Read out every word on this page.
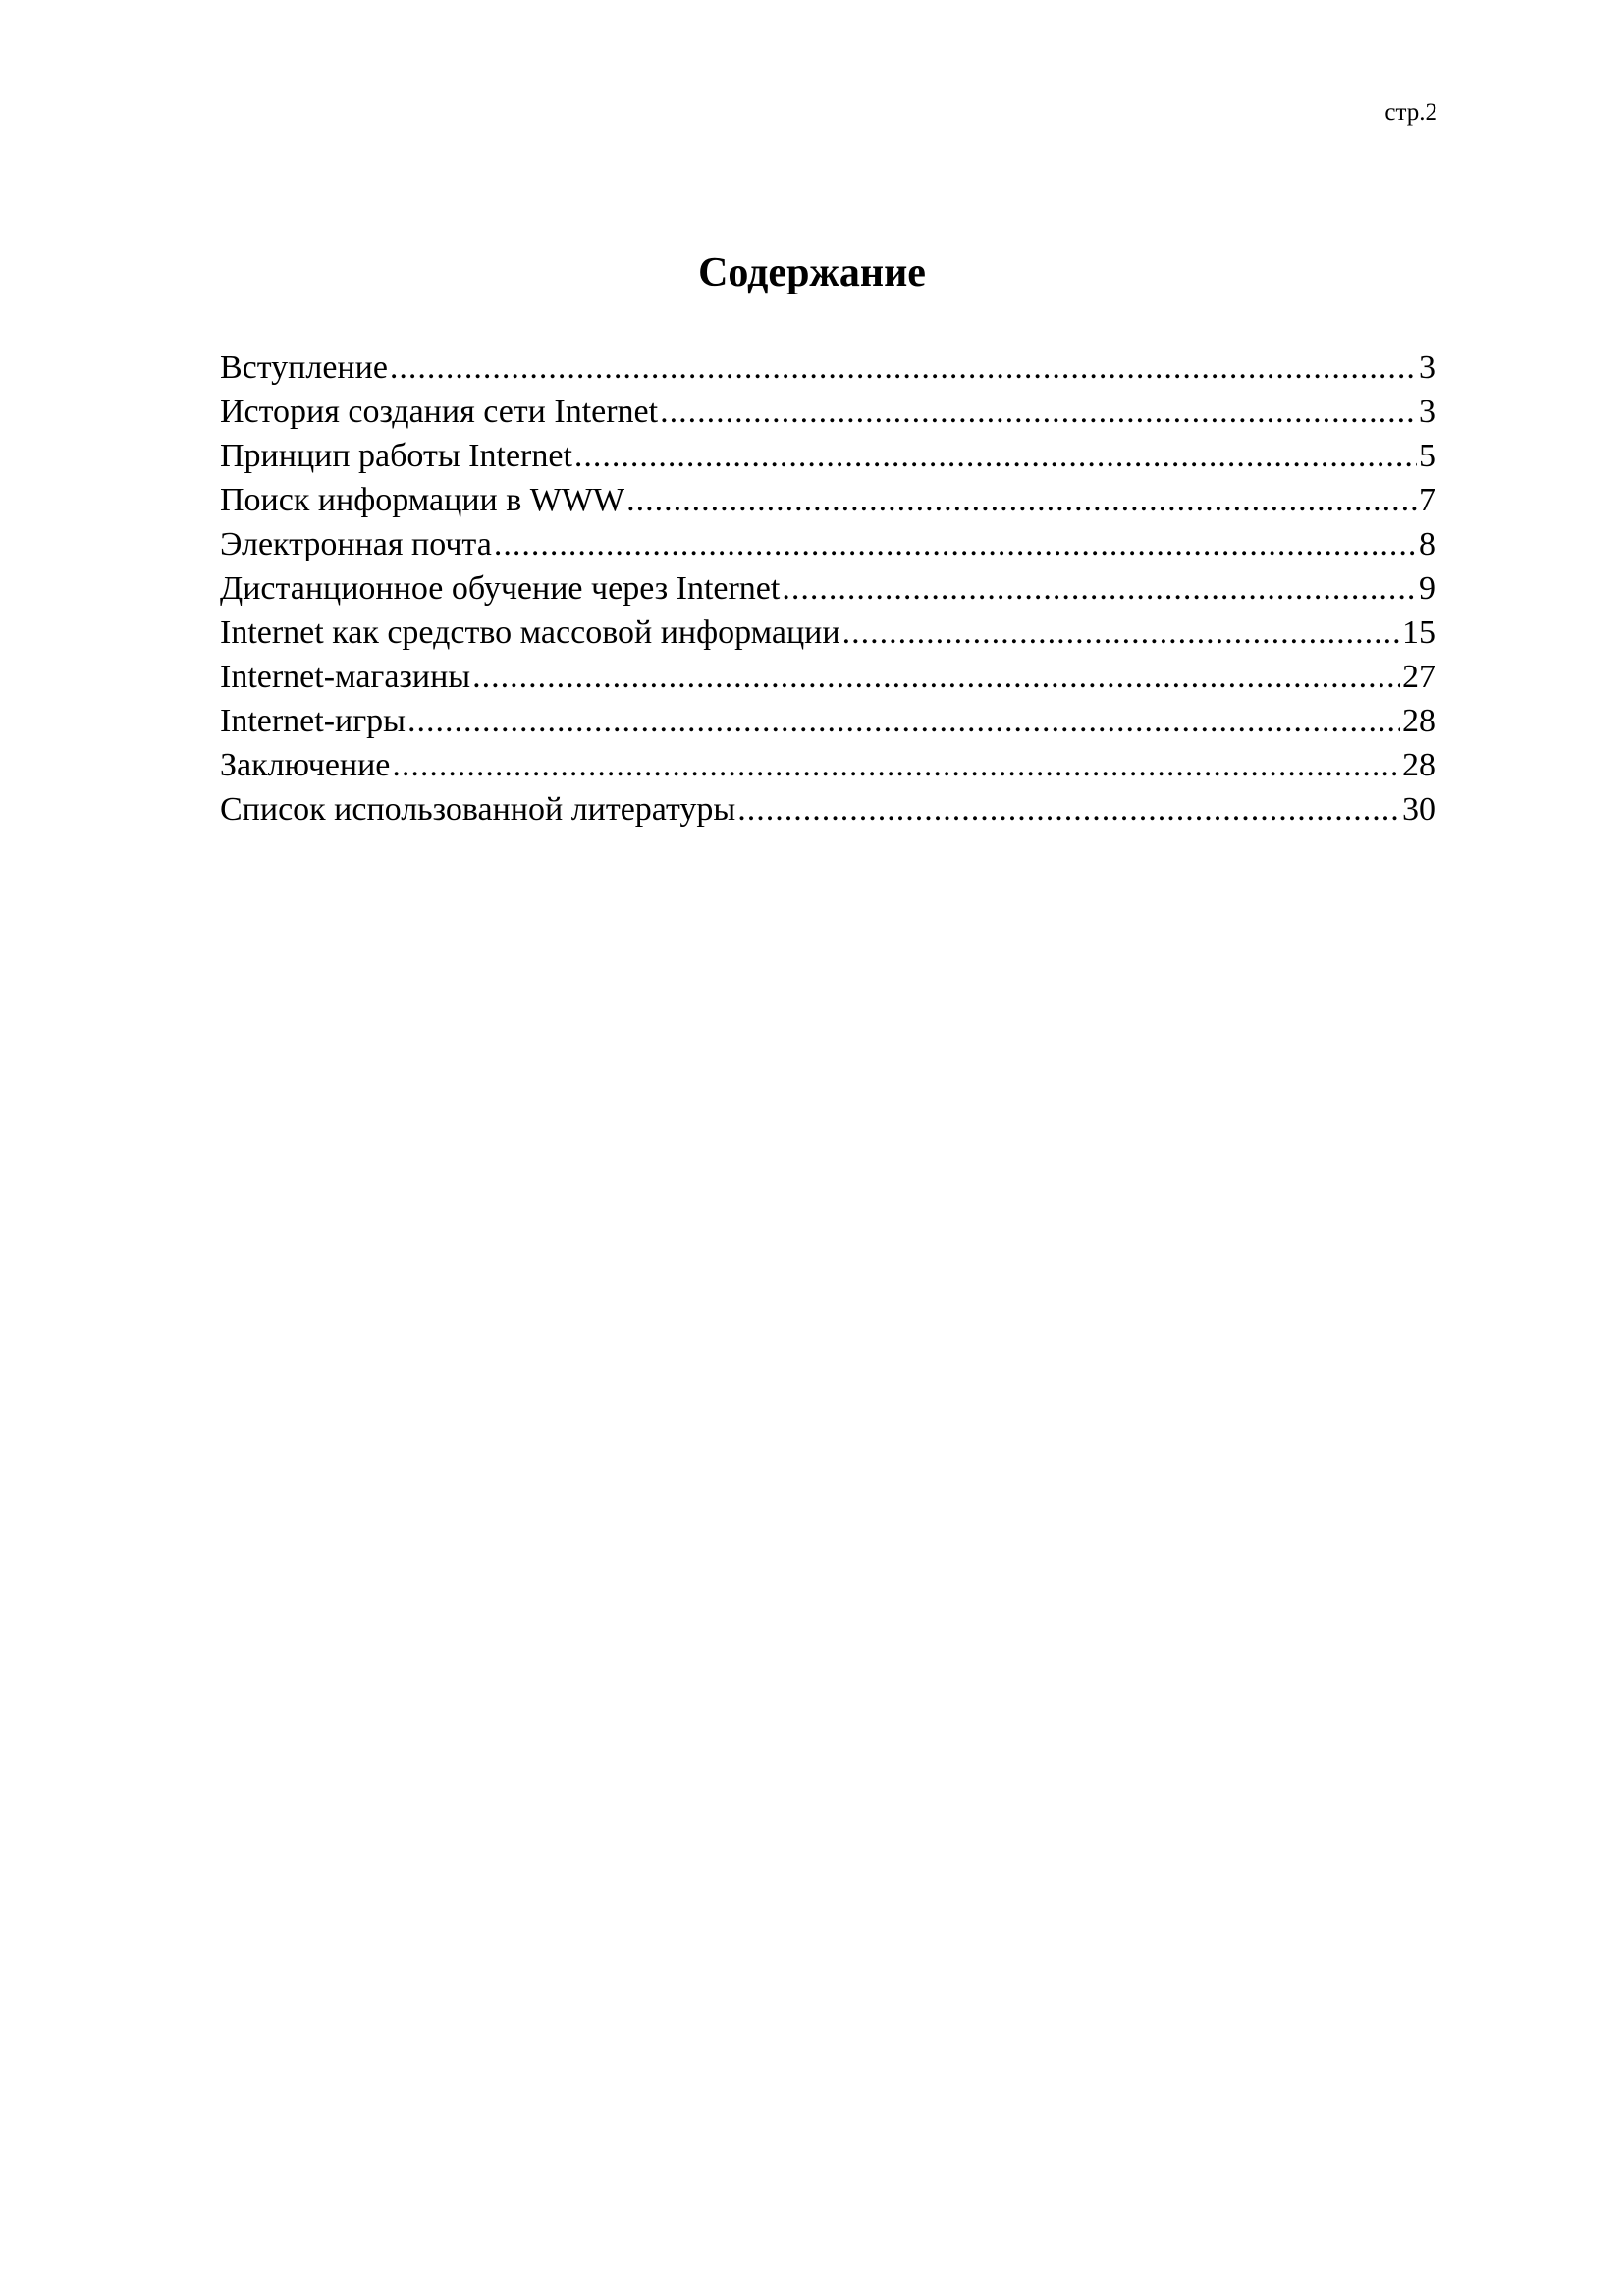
стр.2
Содержание
Вступление .....	3
История создания сети Internet .....	3
Принцип работы Internet .....	5
Поиск информации в WWW .....	7
Электронная почта .....	8
Дистанционное обучение через Internet .....	9
Internet как средство массовой информации .....	15
Internet-магазины .....	27
Internet-игры .....	28
Заключение .....	28
Список использованной литературы .....	30
